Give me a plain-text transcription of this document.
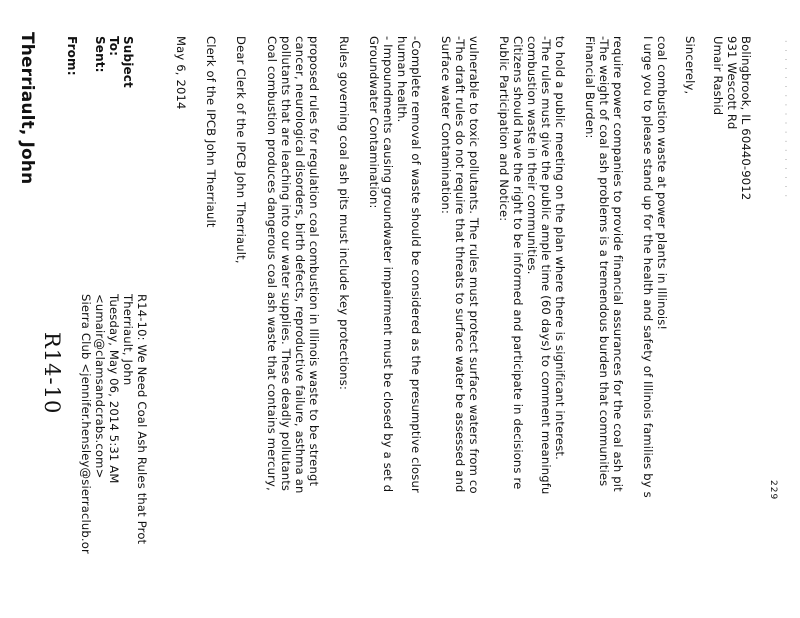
R14-10
Therriault, John From: Sent: To: Subject
Sierra Club <jennifer.hensley@sierraclub.or <umair@clamsandcrabs.com> Tuesday, May 06, 2014 5:31 AM Therriault, John R14-10: We Need Coal Ash Rules that Prot
May 6, 2014 Clerk of the IPCB John Therriault Dear Clerk of the IPCB John Therriault, Coal combustion produces dangerous coal ash waste that contains mercury, pollutants that are leaching into our water supplies. These deadly pollutants cancer, neurological disorders, birth defects, reproductive failure, asthma an proposed rules for regulation coal combustion in Illinois waste to be strengt Rules governing coal ash pits must include key protections: Groundwater Contamination: - Impoundments causing groundwater impairment must be closed by a set d human health. -Complete removal of waste should be considered as the presumptive closur Surface water Contamination: -The draft rules do not require that threats to surface water be assessed and vulnerable to toxic pollutants. The rules must protect surface waters from co Public Participation and Notice: Citizens should have the right to be informed and participate in decisions re combustion waste in their communities. -The rules must give the public ample time (60 days) to comment meaningfu to hold a public meeting on the plan where there is significant interest. Financial Burden: -The weight of coal ash problems is a tremendous burden that communities require power companies to provide financial assurances for the coal ash pit I urge you to please stand up for the health and safety of Illinois families by s coal combustion waste at power plants in Illinois! Sincerely, Umair Rashid 931 Wescott Rd Bolingbrook, IL 60440-9012
229
· · · · · · · · · · · · · · · · · ·
